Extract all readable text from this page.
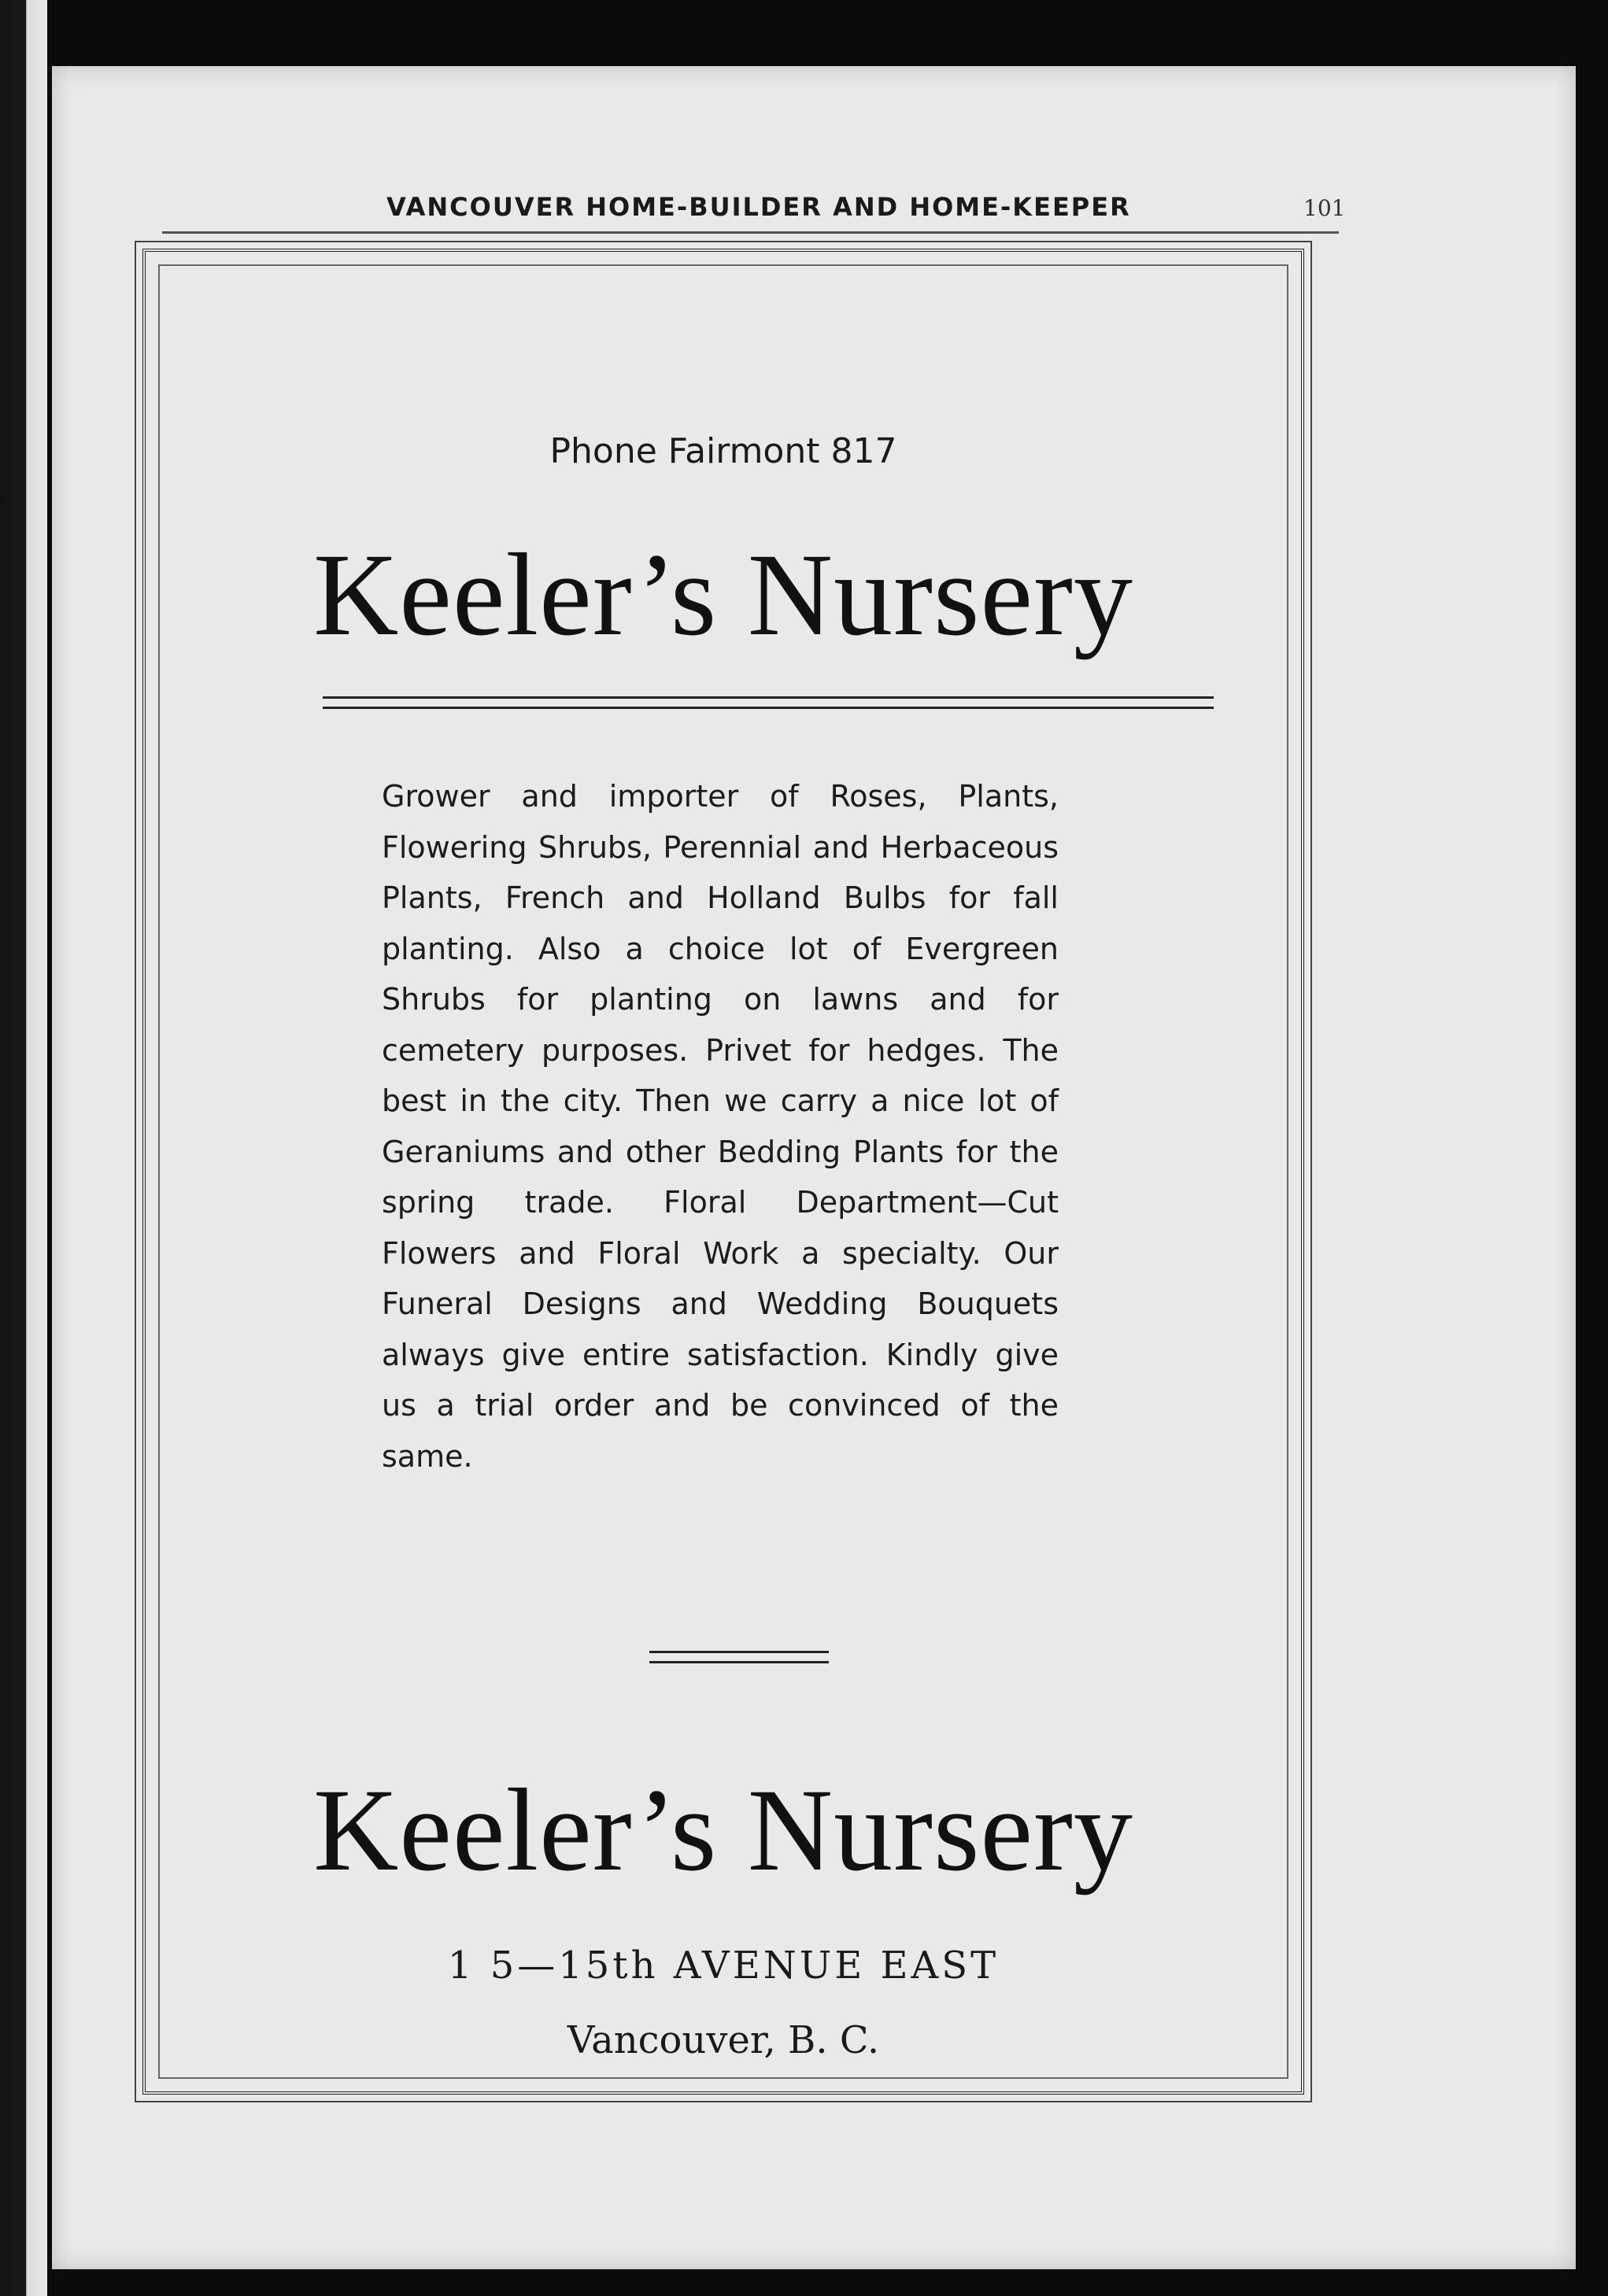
VANCOUVER HOME-BUILDER AND HOME-KEEPER	101
Phone Fairmont 817
Keeler’s Nursery
Grower and importer of Roses, Plants, Flowering Shrubs, Perennial and Herbaceous Plants, French and Holland Bulbs for fall planting. Also a choice lot of Evergreen Shrubs for planting on lawns and for cemetery purposes. Privet for hedges. The best in the city. Then we carry a nice lot of Geraniums and other Bedding Plants for the spring trade. Floral Department—Cut Flowers and Floral Work a specialty. Our Funeral Designs and Wedding Bouquets always give entire satisfaction. Kindly give us a trial order and be convinced of the same.
Keeler’s Nursery
1 5—15th AVENUE EAST
Vancouver, B. C.
